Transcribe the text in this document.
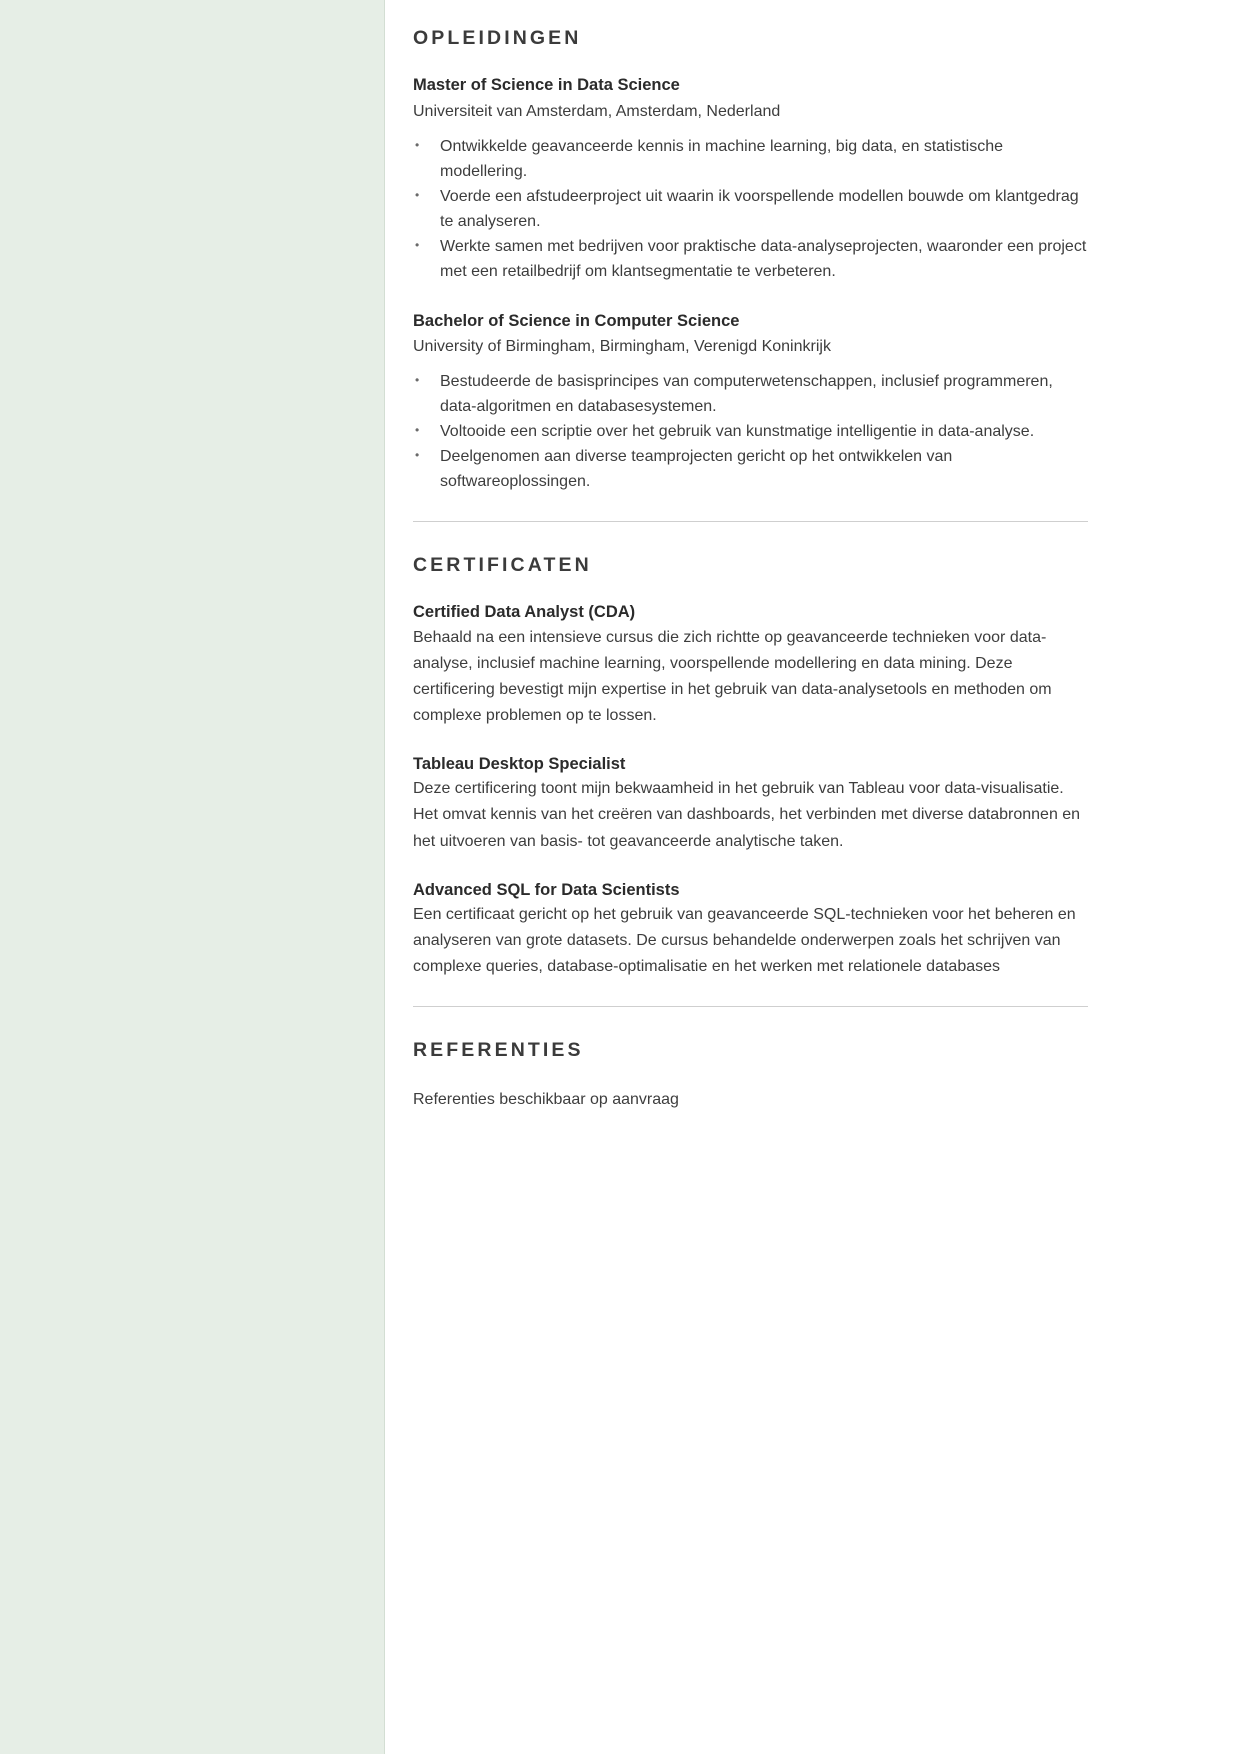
OPLEIDINGEN
Master of Science in Data Science
Universiteit van Amsterdam, Amsterdam, Nederland
• Ontwikkelde geavanceerde kennis in machine learning, big data, en statistische modellering.
• Voerde een afstudeerproject uit waarin ik voorspellende modellen bouwde om klantgedrag te analyseren.
• Werkte samen met bedrijven voor praktische data-analyseprojecten, waaronder een project met een retailbedrijf om klantsegmentatie te verbeteren.
Bachelor of Science in Computer Science
University of Birmingham, Birmingham, Verenigd Koninkrijk
• Bestudeerde de basisprincipes van computerwetenschappen, inclusief programmeren, data-algoritmen en databasesystemen.
• Voltooide een scriptie over het gebruik van kunstmatige intelligentie in data-analyse.
• Deelgenomen aan diverse teamprojecten gericht op het ontwikkelen van softwareoplossingen.
CERTIFICATEN
Certified Data Analyst (CDA)

Behaald na een intensieve cursus die zich richtte op geavanceerde technieken voor data-analyse, inclusief machine learning, voorspellende modellering en data mining. Deze certificering bevestigt mijn expertise in het gebruik van data-analysetools en methoden om complexe problemen op te lossen.

Tableau Desktop Specialist

Deze certificering toont mijn bekwaamheid in het gebruik van Tableau voor data-visualisatie. Het omvat kennis van het creëren van dashboards, het verbinden met diverse databronnen en het uitvoeren van basis- tot geavanceerde analytische taken.

Advanced SQL for Data Scientists

Een certificaat gericht op het gebruik van geavanceerde SQL-technieken voor het beheren en analyseren van grote datasets. De cursus behandelde onderwerpen zoals het schrijven van complexe queries, database-optimalisatie en het werken met relationele databases

REFERENTIES

Referenties beschikbaar op aanvraag
